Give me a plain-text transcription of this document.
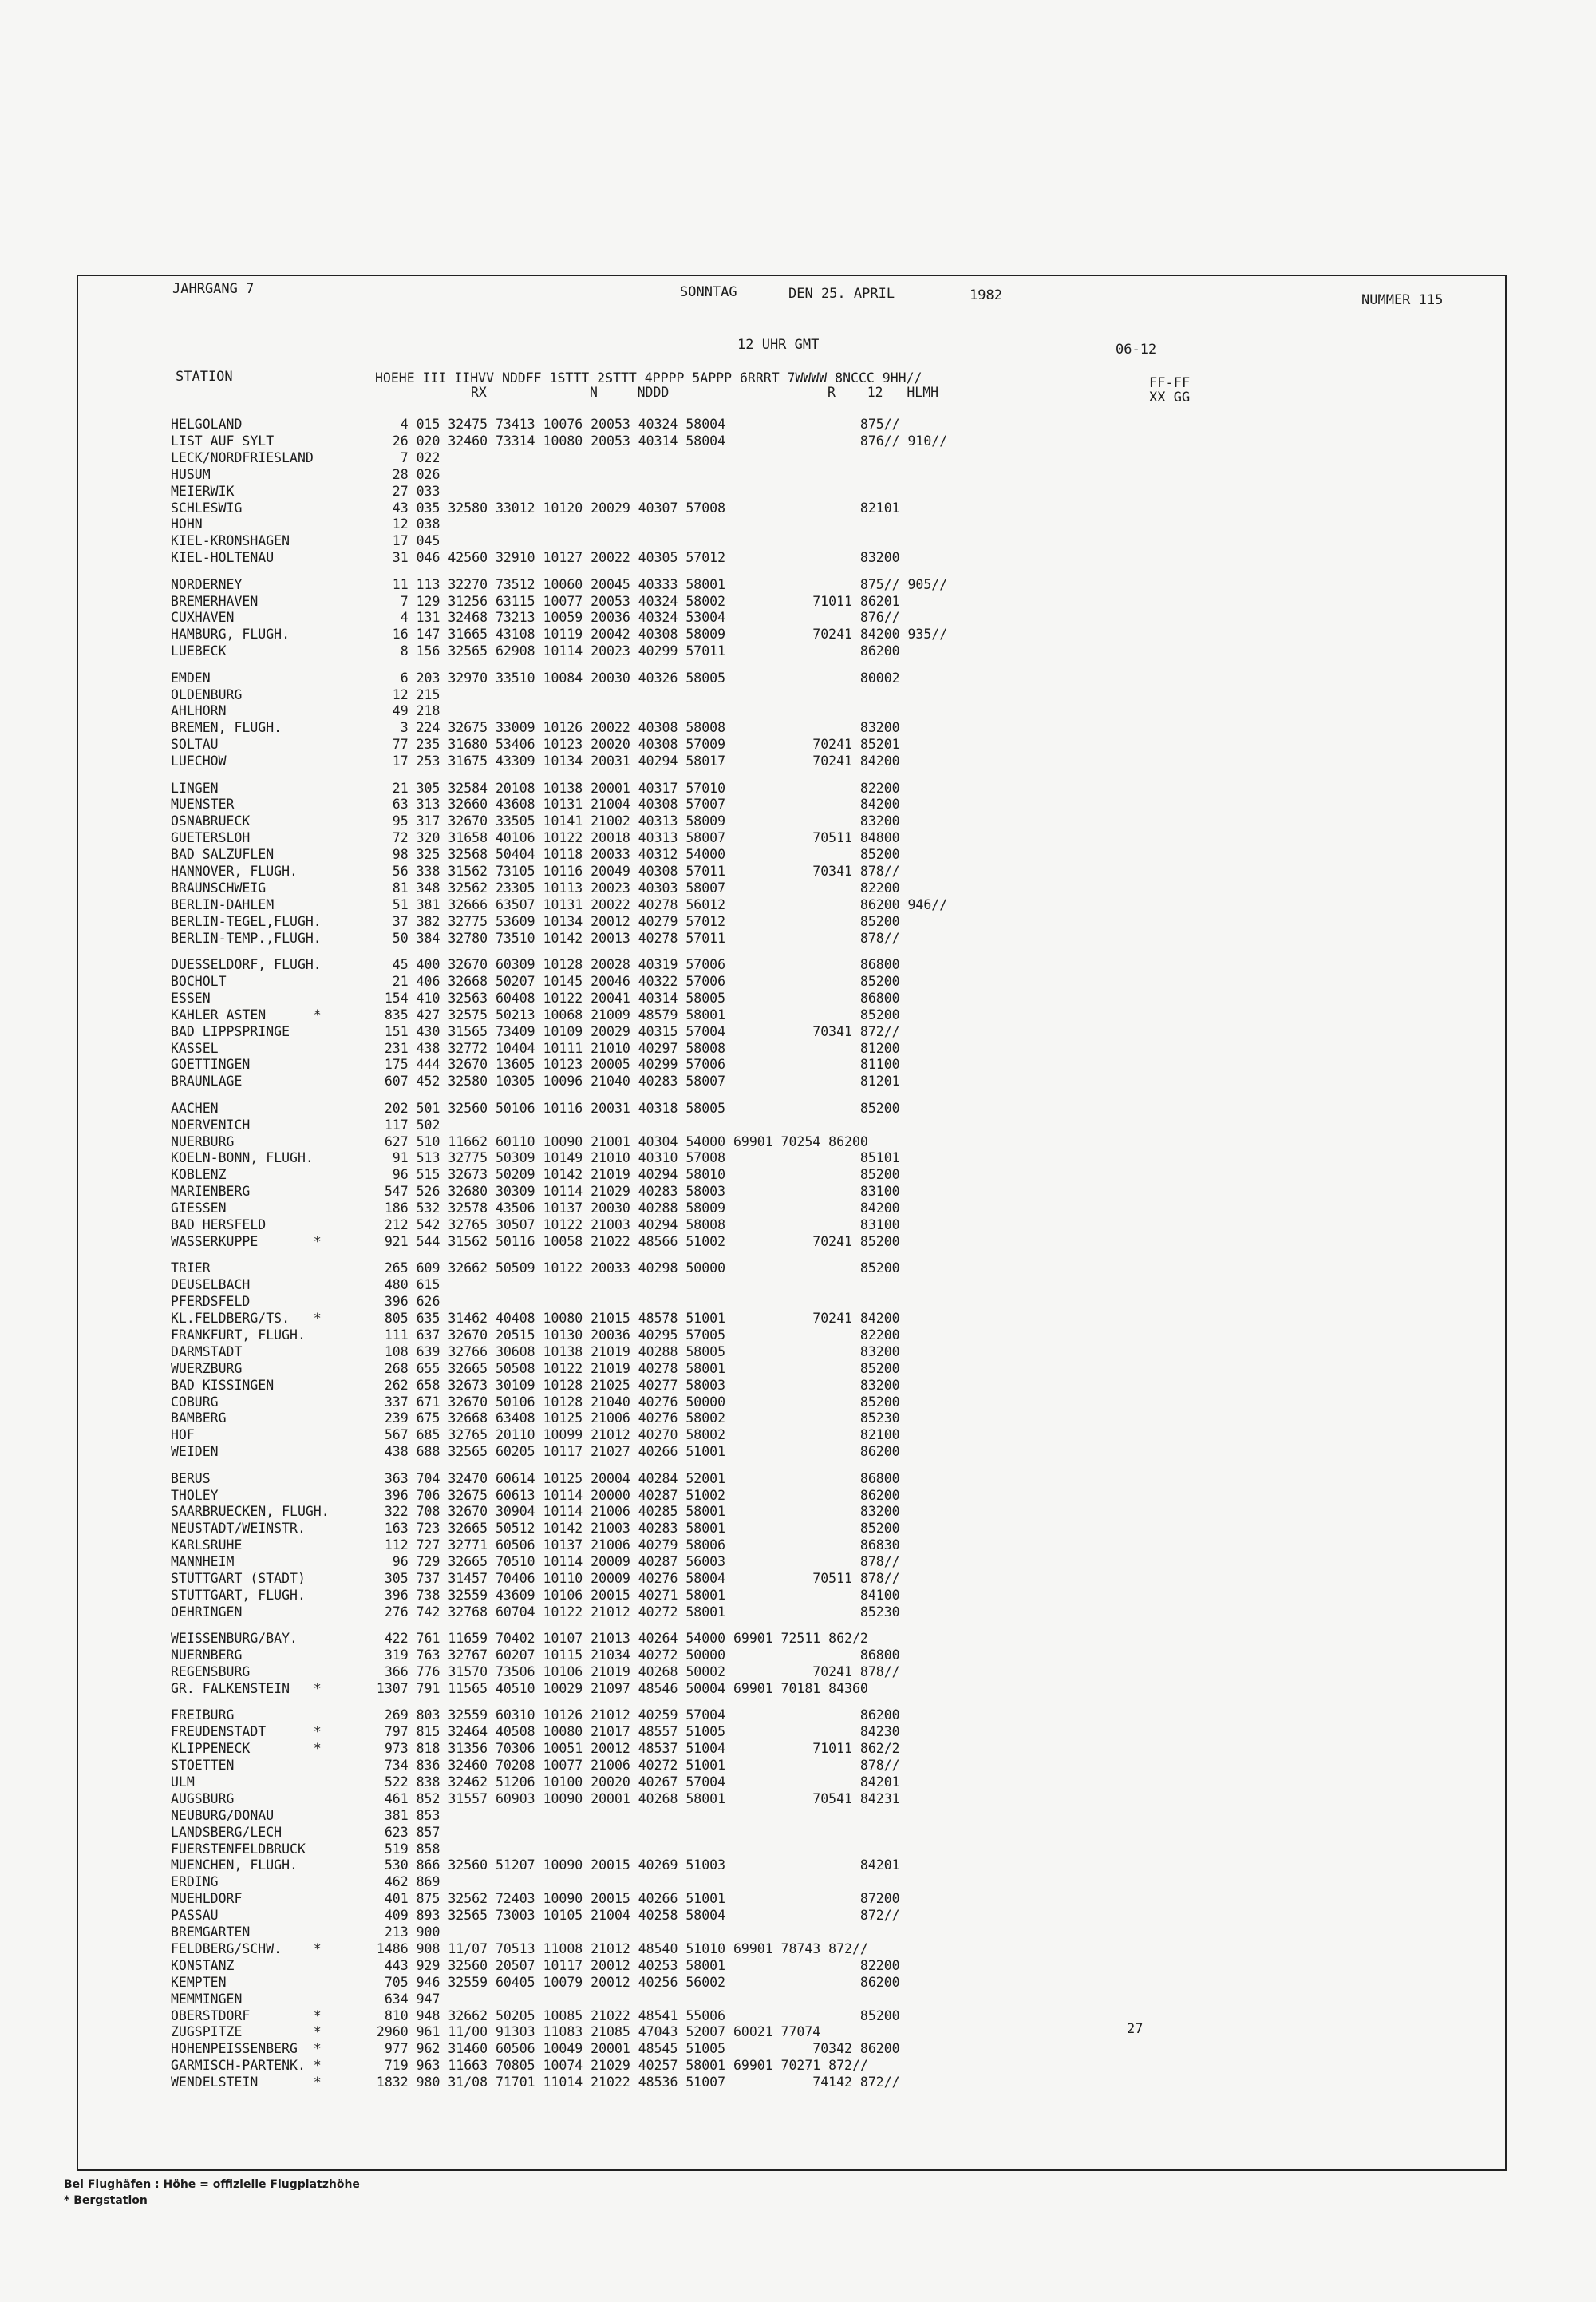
JAHRGANG 7	SONNTAG	DEN 25. APRIL	1982	NUMMER 115
12 UHR GMT	06-12
STATION	HOEHE III IIHVV NDDFF 1STTT 2STTT 4PPPP 5APPP 6RRRT 7WWWW 8NCCC 9HH//
RX             N     NDDD                    R    12   HLMH
FF-FF
XX GG
HELGOLAND	4 015 32475 73413 10076 20053 40324 58004                 875//
LIST AUF SYLT	26 020 32460 73314 10080 20053 40314 58004                 876// 910//
LECK/NORDFRIESLAND	7 022
HUSUM	28 026
MEIERWIK	27 033
SCHLESWIG	43 035 32580 33012 10120 20029 40307 57008                 82101
HOHN	12 038
KIEL-KRONSHAGEN	17 045
KIEL-HOLTENAU	31 046 42560 32910 10127 20022 40305 57012                 83200
NORDERNEY	11 113 32270 73512 10060 20045 40333 58001                 875// 905//
BREMERHAVEN	7 129 31256 63115 10077 20053 40324 58002           71011 86201
CUXHAVEN	4 131 32468 73213 10059 20036 40324 53004                 876//
HAMBURG, FLUGH.	16 147 31665 43108 10119 20042 40308 58009           70241 84200 935//
LUEBECK	8 156 32565 62908 10114 20023 40299 57011                 86200
EMDEN	6 203 32970 33510 10084 20030 40326 58005                 80002
OLDENBURG	12 215
AHLHORN	49 218
BREMEN, FLUGH.	3 224 32675 33009 10126 20022 40308 58008                 83200
SOLTAU	77 235 31680 53406 10123 20020 40308 57009           70241 85201
LUECHOW	17 253 31675 43309 10134 20031 40294 58017           70241 84200
LINGEN	21 305 32584 20108 10138 20001 40317 57010                 82200
MUENSTER	63 313 32660 43608 10131 21004 40308 57007                 84200
OSNABRUECK	95 317 32670 33505 10141 21002 40313 58009                 83200
GUETERSLOH	72 320 31658 40106 10122 20018 40313 58007           70511 84800
BAD SALZUFLEN	98 325 32568 50404 10118 20033 40312 54000                 85200
HANNOVER, FLUGH.	56 338 31562 73105 10116 20049 40308 57011           70341 878//
BRAUNSCHWEIG	81 348 32562 23305 10113 20023 40303 58007                 82200
BERLIN-DAHLEM	51 381 32666 63507 10131 20022 40278 56012                 86200 946//
BERLIN-TEGEL,FLUGH.	37 382 32775 53609 10134 20012 40279 57012                 85200
BERLIN-TEMP.,FLUGH.	50 384 32780 73510 10142 20013 40278 57011                 878//
DUESSELDORF, FLUGH.	45 400 32670 60309 10128 20028 40319 57006                 86800
BOCHOLT	21 406 32668 50207 10145 20046 40322 57006                 85200
ESSEN	154 410 32563 60408 10122 20041 40314 58005                 86800
KAHLER ASTEN      *	835 427 32575 50213 10068 21009 48579 58001                 85200
BAD LIPPSPRINGE	151 430 31565 73409 10109 20029 40315 57004           70341 872//
KASSEL	231 438 32772 10404 10111 21010 40297 58008                 81200
GOETTINGEN	175 444 32670 13605 10123 20005 40299 57006                 81100
BRAUNLAGE	607 452 32580 10305 10096 21040 40283 58007                 81201
AACHEN	202 501 32560 50106 10116 20031 40318 58005                 85200
NOERVENICH	117 502
NUERBURG	627 510 11662 60110 10090 21001 40304 54000 69901 70254 86200
KOELN-BONN, FLUGH.	91 513 32775 50309 10149 21010 40310 57008                 85101
KOBLENZ	96 515 32673 50209 10142 21019 40294 58010                 85200
MARIENBERG	547 526 32680 30309 10114 21029 40283 58003                 83100
GIESSEN	186 532 32578 43506 10137 20030 40288 58009                 84200
BAD HERSFELD	212 542 32765 30507 10122 21003 40294 58008                 83100
WASSERKUPPE       *	921 544 31562 50116 10058 21022 48566 51002           70241 85200
TRIER	265 609 32662 50509 10122 20033 40298 50000                 85200
DEUSELBACH	480 615
PFERDSFELD	396 626
KL.FELDBERG/TS.   *	805 635 31462 40408 10080 21015 48578 51001           70241 84200
FRANKFURT, FLUGH.	111 637 32670 20515 10130 20036 40295 57005                 82200
DARMSTADT	108 639 32766 30608 10138 21019 40288 58005                 83200
WUERZBURG	268 655 32665 50508 10122 21019 40278 58001                 85200
BAD KISSINGEN	262 658 32673 30109 10128 21025 40277 58003                 83200
COBURG	337 671 32670 50106 10128 21040 40276 50000                 85200
BAMBERG	239 675 32668 63408 10125 21006 40276 58002                 85230
HOF	567 685 32765 20110 10099 21012 40270 58002                 82100
WEIDEN	438 688 32565 60205 10117 21027 40266 51001                 86200
BERUS	363 704 32470 60614 10125 20004 40284 52001                 86800
THOLEY	396 706 32675 60613 10114 20000 40287 51002                 86200
SAARBRUECKEN, FLUGH.	322 708 32670 30904 10114 21006 40285 58001                 83200
NEUSTADT/WEINSTR.	163 723 32665 50512 10142 21003 40283 58001                 85200
KARLSRUHE	112 727 32771 60506 10137 21006 40279 58006                 86830
MANNHEIM	96 729 32665 70510 10114 20009 40287 56003                 878//
STUTTGART (STADT)	305 737 31457 70406 10110 20009 40276 58004           70511 878//
STUTTGART, FLUGH.	396 738 32559 43609 10106 20015 40271 58001                 84100
OEHRINGEN	276 742 32768 60704 10122 21012 40272 58001                 85230
WEISSENBURG/BAY.	422 761 11659 70402 10107 21013 40264 54000 69901 72511 862/2
NUERNBERG	319 763 32767 60207 10115 21034 40272 50000                 86800
REGENSBURG	366 776 31570 73506 10106 21019 40268 50002           70241 878//
GR. FALKENSTEIN   *	1307 791 11565 40510 10029 21097 48546 50004 69901 70181 84360
FREIBURG	269 803 32559 60310 10126 21012 40259 57004                 86200
FREUDENSTADT      *	797 815 32464 40508 10080 21017 48557 51005                 84230
KLIPPENECK        *	973 818 31356 70306 10051 20012 48537 51004           71011 862/2
STOETTEN	734 836 32460 70208 10077 21006 40272 51001                 878//
ULM	522 838 32462 51206 10100 20020 40267 57004                 84201
AUGSBURG	461 852 31557 60903 10090 20001 40268 58001           70541 84231
NEUBURG/DONAU	381 853
LANDSBERG/LECH	623 857
FUERSTENFELDBRUCK	519 858
MUENCHEN, FLUGH.	530 866 32560 51207 10090 20015 40269 51003                 84201
ERDING	462 869
MUEHLDORF	401 875 32562 72403 10090 20015 40266 51001                 87200
PASSAU	409 893 32565 73003 10105 21004 40258 58004                 872//
BREMGARTEN	213 900
FELDBERG/SCHW.    *	1486 908 11/07 70513 11008 21012 48540 51010 69901 78743 872//
KONSTANZ	443 929 32560 20507 10117 20012 40253 58001                 82200
KEMPTEN	705 946 32559 60405 10079 20012 40256 56002                 86200
MEMMINGEN	634 947
OBERSTDORF        *	810 948 32662 50205 10085 21022 48541 55006                 85200
ZUGSPITZE         *	2960 961 11/00 91303 11083 21085 47043 52007 60021 77074
HOHENPEISSENBERG  *	977 962 31460 60506 10049 20001 48545 51005           70342 86200
GARMISCH-PARTENK. *	719 963 11663 70805 10074 21029 40257 58001 69901 70271 872//
WENDELSTEIN       *	1832 980 31/08 71701 11014 21022 48536 51007           74142 872//
27
Bei Flughäfen : Höhe = offizielle Flugplatzhöhe
* Bergstation
